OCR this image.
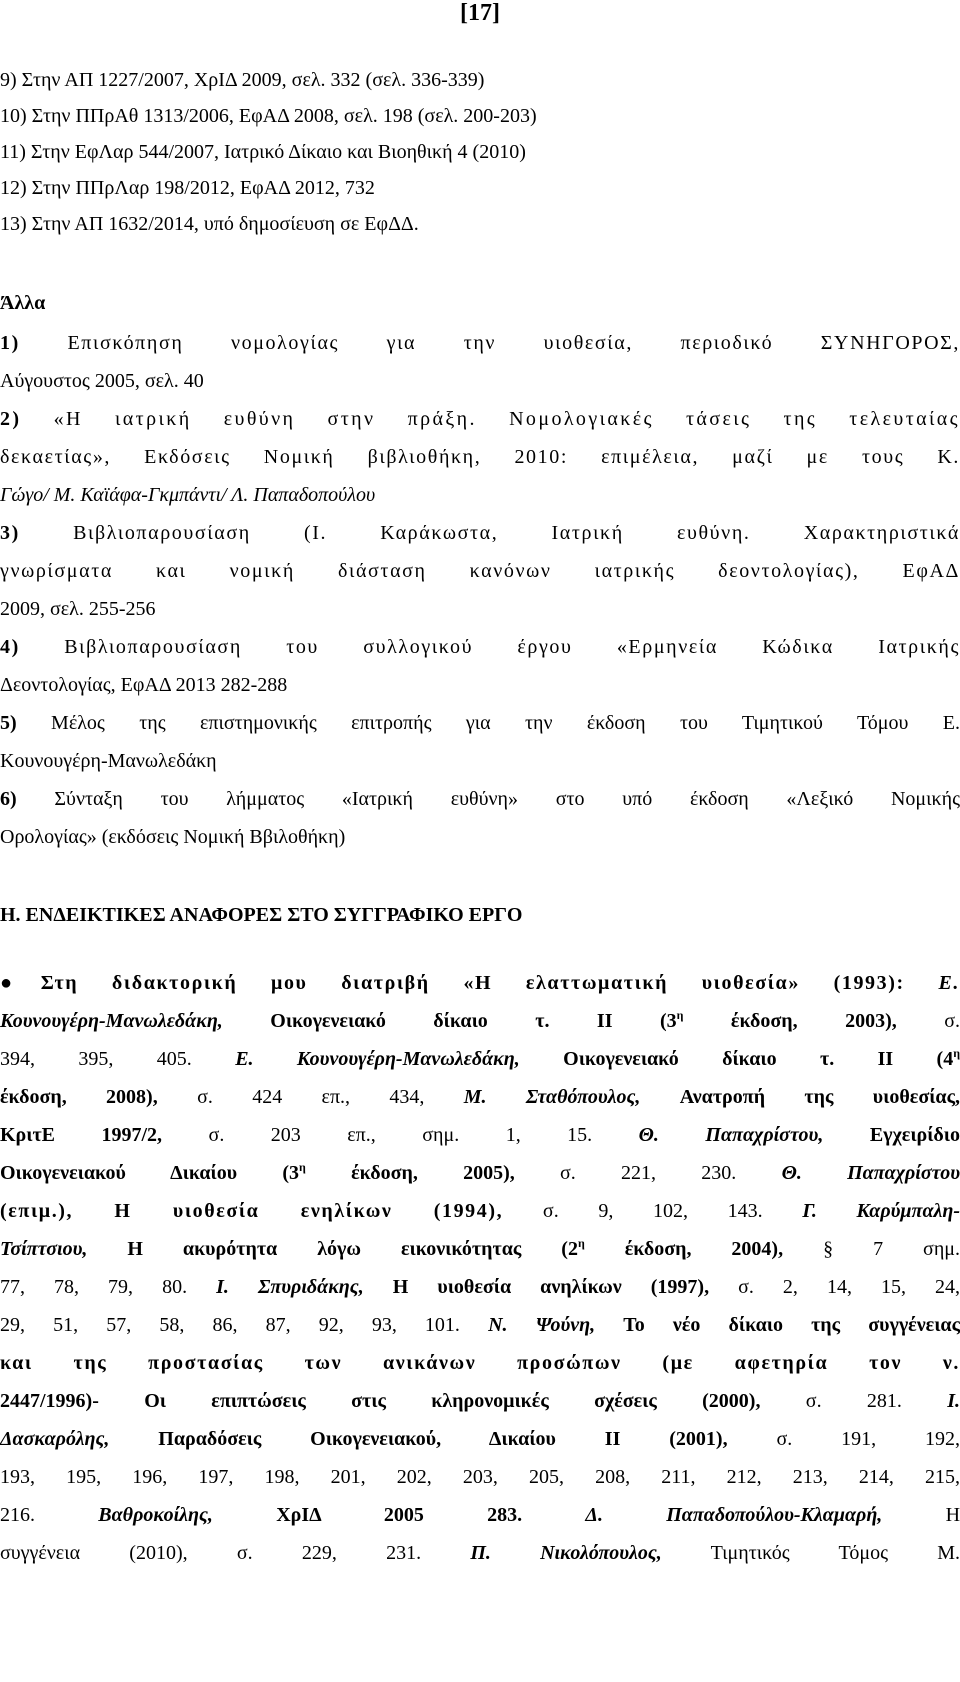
[17]
9) Στην ΑΠ 1227/2007, ΧρΙΔ 2009, σελ. 332 (σελ. 336-339)
10) Στην ΠΠρΑθ 1313/2006, ΕφΑΔ 2008, σελ. 198 (σελ. 200-203)
11) Στην ΕφΛαρ 544/2007, Ιατρικό Δίκαιο και Βιοηθική 4 (2010)
12) Στην ΠΠρΛαρ 198/2012, ΕφΑΔ 2012, 732
13) Στην ΑΠ 1632/2014, υπό δημοσίευση σε ΕφΔΔ.
Άλλα
1) Επισκόπηση νομολογίας για την υιοθεσία, περιοδικό ΣΥΝΗΓΟΡΟΣ,
Αύγουστος 2005, σελ. 40
2) «Η ιατρική ευθύνη στην πράξη. Νομολογιακές τάσεις της τελευταίας
δεκαετίας», Εκδόσεις Νομική βιβλιοθήκη, 2010: επιμέλεια, μαζί με τους Κ.
Γώγο/ Μ. Καϊάφα-Γκμπάντι/ Λ. Παπαδοπούλου
3)	Βιβλιοπαρουσίαση (Ι. Καράκωστα, Ιατρική ευθύνη. Χαρακτηριστικά
γνωρίσματα και νομική διάσταση κανόνων ιατρικής δεοντολογίας), ΕφΑΔ
2009, σελ. 255-256
4) Βιβλιοπαρουσίαση του συλλογικού έργου «Ερμηνεία Κώδικα Ιατρικής
Δεοντολογίας, ΕφΑΔ 2013 282-288
5) Μέλος της επιστημονικής επιτροπής για την έκδοση του Τιμητικού Τόμου Ε.
Κουνουγέρη-Μανωλεδάκη
6) Σύνταξη του λήμματος «Ιατρική ευθύνη» στο υπό έκδοση «Λεξικό Νομικής
Ορολογίας» (εκδόσεις Νομική Ββιλοθήκη)
Η. ΕΝΔΕΙΚΤΙΚΕΣ ΑΝΑΦΟΡΕΣ ΣΤΟ ΣΥΓΓΡΑΦΙΚΟ ΕΡΓΟ
●Στη διδακτορική μου διατριβή «Η ελαττωματική υιοθεσία» (1993): Ε.
Κουνουγέρη-Μανωλεδάκη, Οικογενειακό δίκαιο τ. ΙΙ ($3^\eta$ έκδοση, 2003), σ.
394, 395, 405. Ε. Κουνουγέρη-Μανωλεδάκη, Οικογενειακό δίκαιο τ. ΙΙ ($4^\eta$
έκδοση, 2008), σ. 424 επ., 434, Μ. Σταθόπουλος, Ανατροπή της υιοθεσίας,
ΚριτΕ 1997/2, σ. 203 επ., σημ. 1, 15. Θ. Παπαχρίστου, Εγχειρίδιο
Οικογενειακού Δικαίου ($3^\eta$ έκδοση, 2005), σ. 221, 230. Θ. Παπαχρίστου
(επιμ.), Η υιοθεσία ενηλίκων (1994), σ. 9, 102, 143. Γ. Καρύμπαλη-
Τσίπτσιου, Η ακυρότητα λόγω εικονικότητας ($2^\eta$ έκδοση, 2004), § 7 σημ.
77, 78, 79, 80. Ι. Σπυριδάκης, Η υιοθεσία ανηλίκων (1997), σ. 2, 14, 15, 24,
29, 51, 57, 58, 86, 87, 92, 93, 101. Ν. Ψούνη, Το νέο δίκαιο της συγγένειας
και της προστασίας των ανικάνων προσώπων (με αφετηρία τον ν.
2447/1996)- Οι επιπτώσεις στις κληρονομικές σχέσεις (2000), σ. 281. Ι.
Δασκαρόλης, Παραδόσεις Οικογενειακού, Δικαίου ΙΙ (2001), σ. 191, 192,
193, 195, 196, 197, 198, 201, 202, 203, 205, 208, 211, 212, 213, 214, 215,
216.	Βαθροκοίλης,	ΧρΙΔ 2005 283.	Δ.	Παπαδοπούλου-Κλαμαρή,	Η
συγγένεια (2010), σ. 229, 231. Π. Νικολόπουλος, Τιμητικός Τόμος Μ.
